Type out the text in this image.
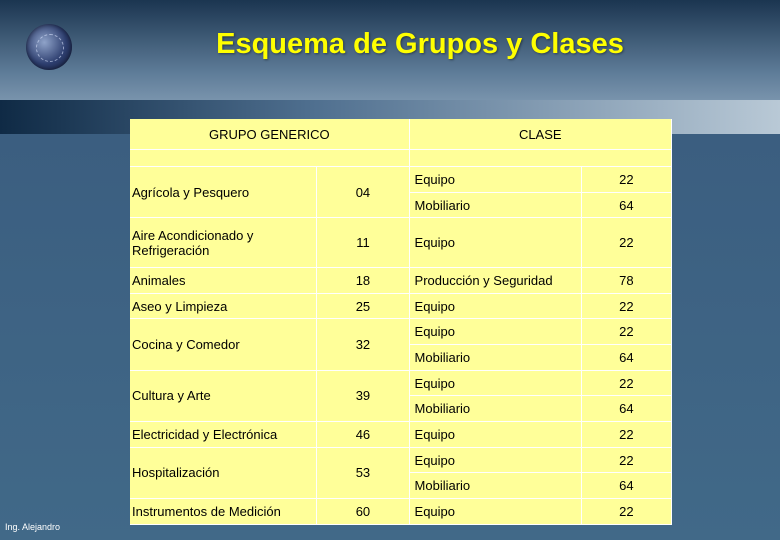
Esquema de Grupos y Clases
GRUPO GENERICO		CLASE	

Agrícola y Pesquero	04	Equipo	22
		Mobiliario	64
Aire Acondicionado y Refrigeración	11	Equipo	22
Animales	18	Producción y Seguridad	78
Aseo y Limpieza	25	Equipo	22
Cocina y Comedor	32	Equipo	22
		Mobiliario	64
Cultura y Arte	39	Equipo	22
		Mobiliario	64
Electricidad y Electrónica	46	Equipo	22
Hospitalización	53	Equipo	22
		Mobiliario	64
Instrumentos de Medición	60	Equipo	22
Ing. Alejandro
